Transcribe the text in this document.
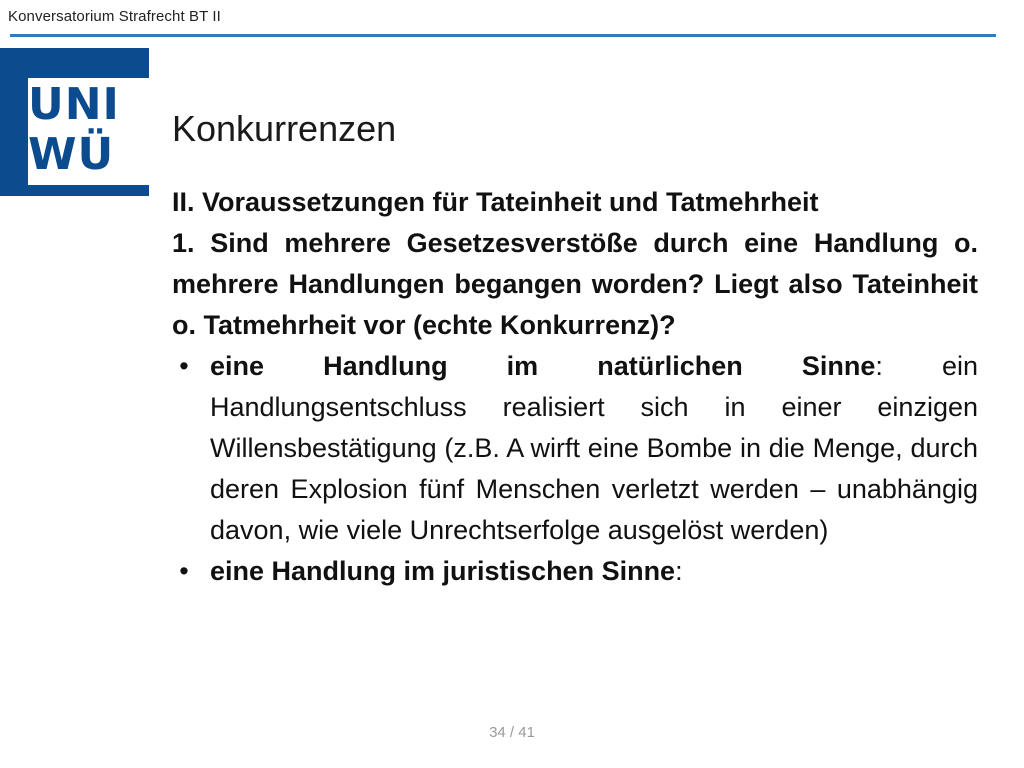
Konversatorium Strafrecht BT II
UNI
WÜ
Konkurrenzen
II. Voraussetzungen für Tateinheit und Tatmehrheit
1. Sind mehrere Gesetzesverstöße durch eine Handlung o. mehrere Handlungen begangen worden? Liegt also Tateinheit o. Tatmehrheit vor (echte Konkurrenz)?
• eine Handlung im natürlichen Sinne: ein Handlungsentschluss realisiert sich in einer einzigen Willensbestätigung (z.B. A wirft eine Bombe in die Menge, durch deren Explosion fünf Menschen verletzt werden – unabhängig davon, wie viele Unrechtserfolge ausgelöst werden)
• eine Handlung im juristischen Sinne:
34 / 41
